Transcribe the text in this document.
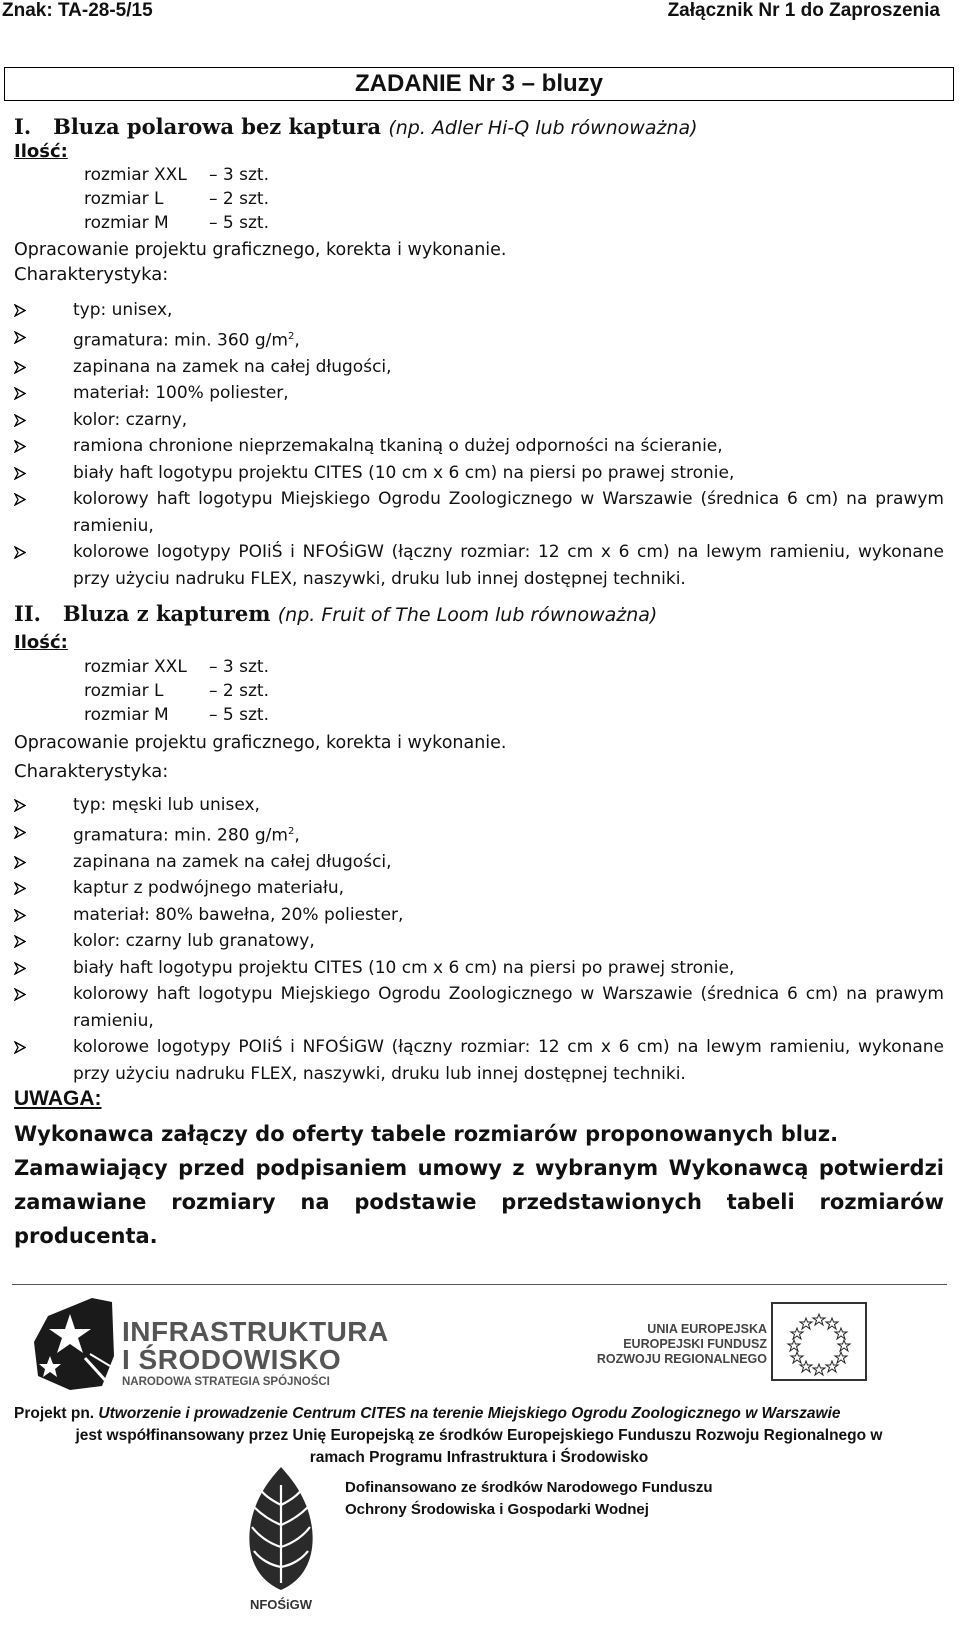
Znak: TA-28-5/15	Załącznik Nr 1 do Zaproszenia
ZADANIE Nr 3 – bluzy
I. Bluza polarowa bez kaptura (np. Adler Hi-Q lub równoważna)
Ilość:
rozmiar XXL – 3 szt.
rozmiar L	– 2 szt.
rozmiar M – 5 szt.
Opracowanie projektu graficznego, korekta i wykonanie.
Charakterystyka:
typ: unisex,
gramatura: min. 360 $g/m^2$,
zapinana na zamek na całej długości,
materiał: 100% poliester,
kolor: czarny,
ramiona chronione nieprzemakalną tkaniną o dużej odporności na ścieranie,
biały haft logotypu projektu CITES (10 cm x 6 cm) na piersi po prawej stronie,
kolorowy haft logotypu Miejskiego Ogrodu Zoologicznego w Warszawie (średnica 6 cm) na prawym ramieniu,
kolorowe logotypy POIiŚ i NFOŚiGW (łączny rozmiar: 12 cm x 6 cm) na lewym ramieniu, wykonane przy użyciu nadruku FLEX, naszywki, druku lub innej dostępnej techniki.
II. Bluza z kapturem (np. Fruit of The Loom lub równoważna)
Ilość:
rozmiar XXL – 3 szt.
rozmiar L	– 2 szt.
rozmiar M – 5 szt.
Opracowanie projektu graficznego, korekta i wykonanie.
Charakterystyka:
typ: męski lub unisex,
gramatura: min. 280 $g/m^2$,
zapinana na zamek na całej długości,
kaptur z podwójnego materiału,
materiał: 80% bawełna, 20% poliester,
kolor: czarny lub granatowy,
biały haft logotypu projektu CITES (10 cm x 6 cm) na piersi po prawej stronie,
kolorowy haft logotypu Miejskiego Ogrodu Zoologicznego w Warszawie (średnica 6 cm) na prawym ramieniu,
kolorowe logotypy POIiŚ i NFOŚiGW (łączny rozmiar: 12 cm x 6 cm) na lewym ramieniu, wykonane przy użyciu nadruku FLEX, naszywki, druku lub innej dostępnej techniki.
UWAGA:

Wykonawca załączy do oferty tabele rozmiarów proponowanych bluz.

Zamawiający przed podpisaniem umowy z wybranym Wykonawcą potwierdzi zamawiane rozmiary na podstawie przedstawionych tabeli rozmiarów producenta.

INFRASTRUKTURA
I ŚRODOWISKO
NARODOWA STRATEGIA SPÓJNOŚCI
UNIA EUROPEJSKA
EUROPEJSKI FUNDUSZ
ROZWOJU REGIONALNEGO
Projekt pn. Utworzenie i prowadzenie Centrum CITES na terenie Miejskiego Ogrodu Zoologicznego w Warszawie
jest współfinansowany przez Unię Europejską ze środków Europejskiego Funduszu Rozwoju Regionalnego w
ramach Programu Infrastruktura i Środowisko
NFOŚiGW
Dofinansowano ze środków Narodowego Funduszu
Ochrony Środowiska i Gospodarki Wodnej
